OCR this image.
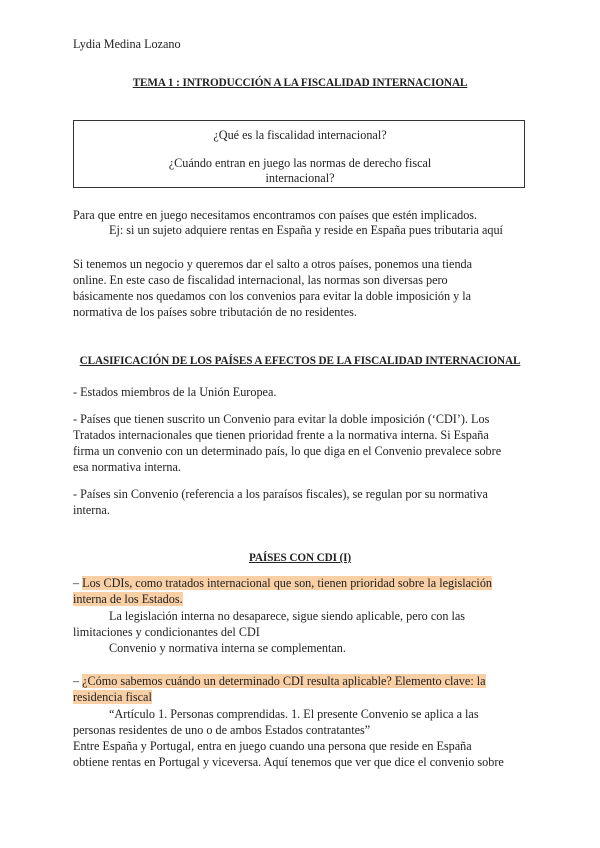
Lydia Medina Lozano
TEMA 1 : INTRODUCCIÓN A LA FISCALIDAD INTERNACIONAL
¿Qué es la fiscalidad internacional?
¿Cuándo entran en juego las normas de derecho fiscal
internacional?
Para que entre en juego necesitamos encontramos con países que estén implicados.
Ej: si un sujeto adquiere rentas en España y reside en España pues tributaria aquí
Si tenemos un negocio y queremos dar el salto a otros países, ponemos una tienda
online. En este caso de fiscalidad internacional, las normas son diversas pero
básicamente nos quedamos con los convenios para evitar la doble imposición y la
normativa de los países sobre tributación de no residentes.
CLASIFICACIÓN DE LOS PAÍSES A EFECTOS DE LA FISCALIDAD INTERNACIONAL
- Estados miembros de la Unión Europea.
- Países que tienen suscrito un Convenio para evitar la doble imposición (‘CDI’). Los
Tratados internacionales que tienen prioridad frente a la normativa interna. Si España
firma un convenio con un determinado país, lo que diga en el Convenio prevalece sobre
esa normativa interna.
- Países sin Convenio (referencia a los paraísos fiscales), se regulan por su normativa
interna.
PAÍSES CON CDI (I)
– Los CDIs, como tratados internacional que son, tienen prioridad sobre la legislación
interna de los Estados.
La legislación interna no desaparece, sigue siendo aplicable, pero con las
limitaciones y condicionantes del CDI
Convenio y normativa interna se complementan.
– ¿Cómo sabemos cuándo un determinado CDI resulta aplicable? Elemento clave: la
residencia fiscal
“Artículo 1. Personas comprendidas. 1. El presente Convenio se aplica a las
personas residentes de uno o de ambos Estados contratantes”
Entre España y Portugal, entra en juego cuando una persona que reside en España
obtiene rentas en Portugal y viceversa. Aquí tenemos que ver que dice el convenio sobre
